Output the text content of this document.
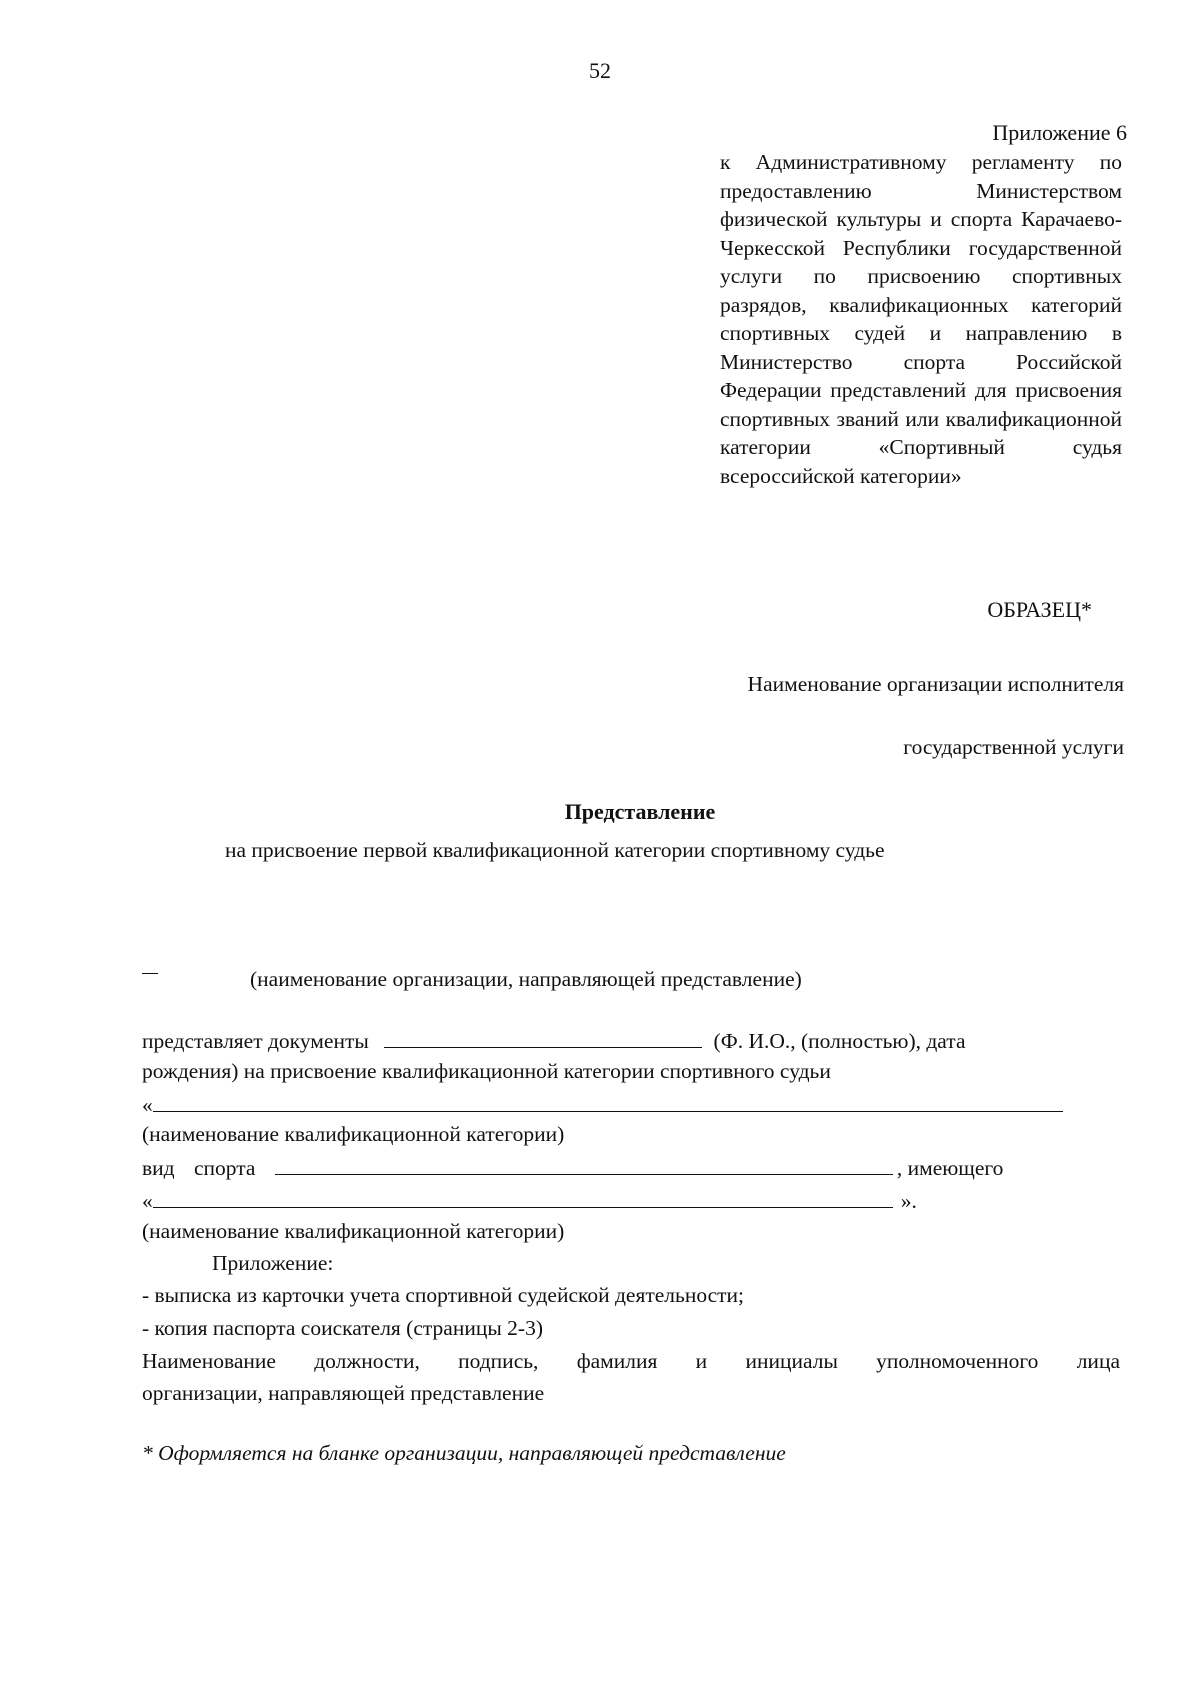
52
Приложение 6
к Административному регламенту по предоставлению Министерством физической культуры и спорта Карачаево-Черкесской Республики государственной услуги по присвоению спортивных разрядов, квалификационных категорий спортивных судей и направлению в Министерство спорта Российской Федерации представлений для присвоения спортивных званий или квалификационной категории «Спортивный судья всероссийской категории»
ОБРАЗЕЦ*
Наименование организации исполнителя
государственной услуги
Представление
на присвоение первой квалификационной категории спортивному судье
(наименование организации, направляющей представление)
представляет документы	(Ф. И.О., (полностью), дата
рождения) на присвоение квалификационной категории спортивного судьи
«
(наименование квалификационной категории)
вид спорта	, имеющего
«	».
(наименование квалификационной категории)
Приложение:
- выписка из карточки учета спортивной судейской деятельности;
- копия паспорта соискателя (страницы 2-3)
Наименование должности, подпись, фамилия и инициалы уполномоченного лица
организации, направляющей представление
* Оформляется на бланке организации, направляющей представление
